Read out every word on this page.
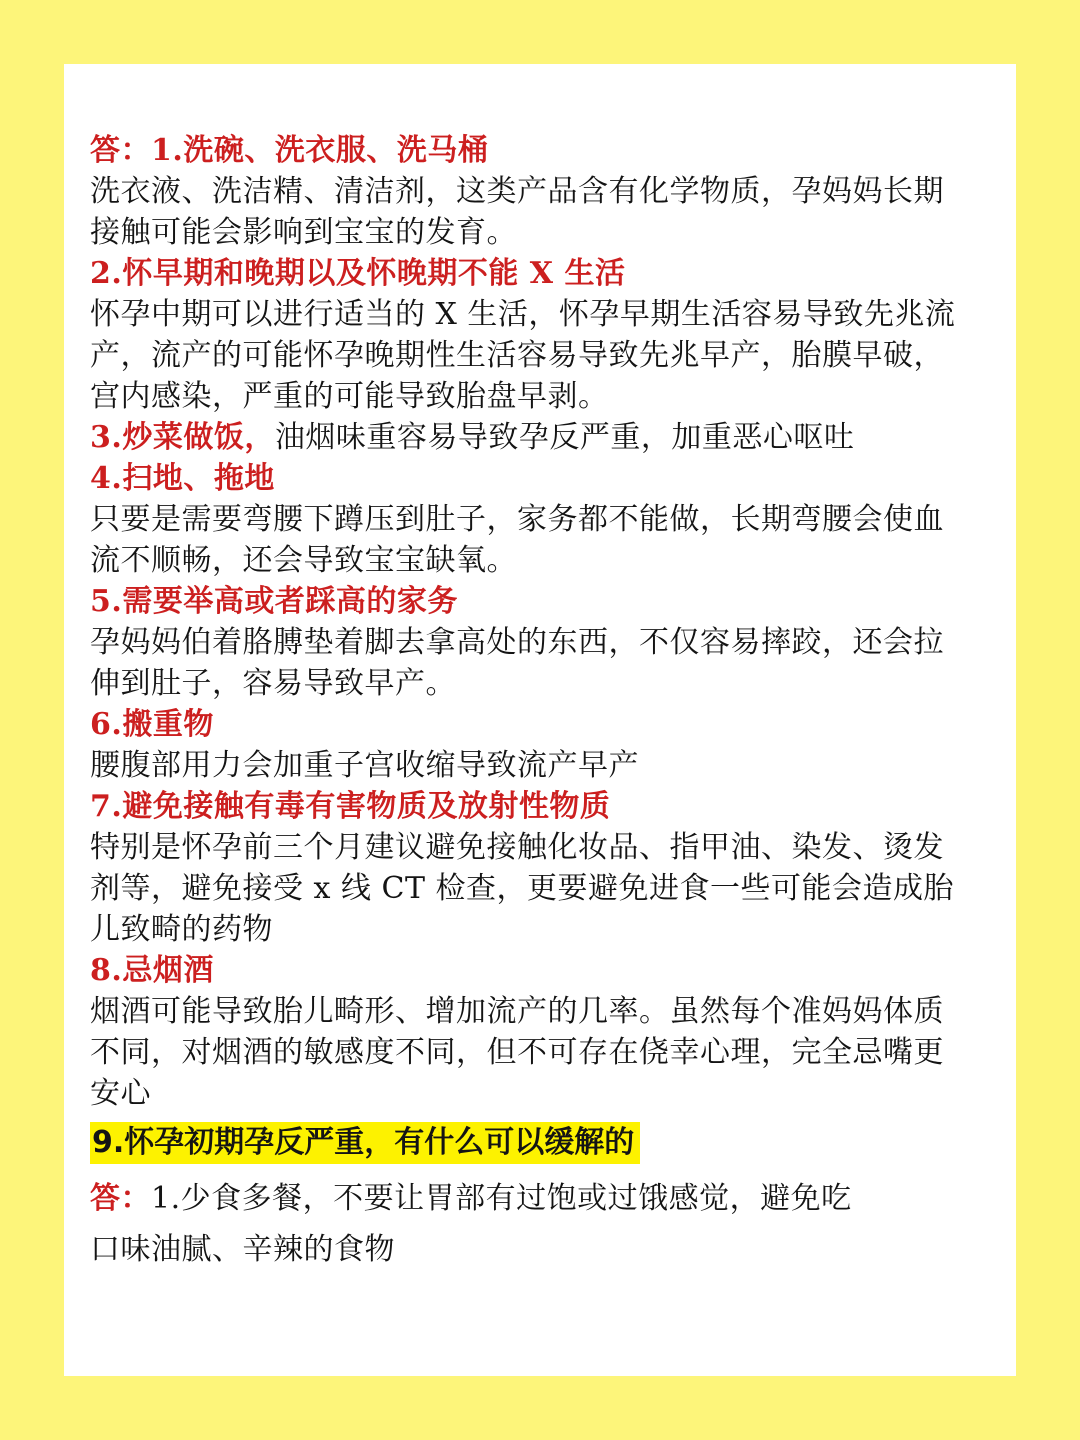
答：1.洗碗、洗衣服、洗马桶
洗衣液、洗洁精、清洁剂，这类产品含有化学物质，孕妈妈长期
接触可能会影响到宝宝的发育。
2.怀早期和晚期以及怀晚期不能 X 生活
怀孕中期可以进行适当的 X 生活，怀孕早期生活容易导致先兆流
产，流产的可能怀孕晚期性生活容易导致先兆早产，胎膜早破，
宫内感染，严重的可能导致胎盘早剥。
3.炒菜做饭，油烟味重容易导致孕反严重，加重恶心呕吐
4.扫地、拖地
只要是需要弯腰下蹲压到肚子，家务都不能做，长期弯腰会使血
流不顺畅，还会导致宝宝缺氧。
5.需要举高或者踩高的家务
孕妈妈伯着胳膊垫着脚去拿高处的东西，不仅容易摔跤，还会拉
伸到肚子，容易导致早产。
6.搬重物
腰腹部用力会加重子宫收缩导致流产早产
7.避免接触有毒有害物质及放射性物质
特别是怀孕前三个月建议避免接触化妆品、指甲油、染发、烫发
剂等，避免接受 x 线 CT 检查，更要避免进食一些可能会造成胎
儿致畸的药物
8.忌烟酒
烟酒可能导致胎儿畸形、增加流产的几率。虽然每个准妈妈体质
不同，对烟酒的敏感度不同，但不可存在侥幸心理，完全忌嘴更
安心
9.怀孕初期孕反严重，有什么可以缓解的
答：1.少食多餐，不要让胃部有过饱或过饿感觉，避免吃
口味油腻、辛辣的食物
